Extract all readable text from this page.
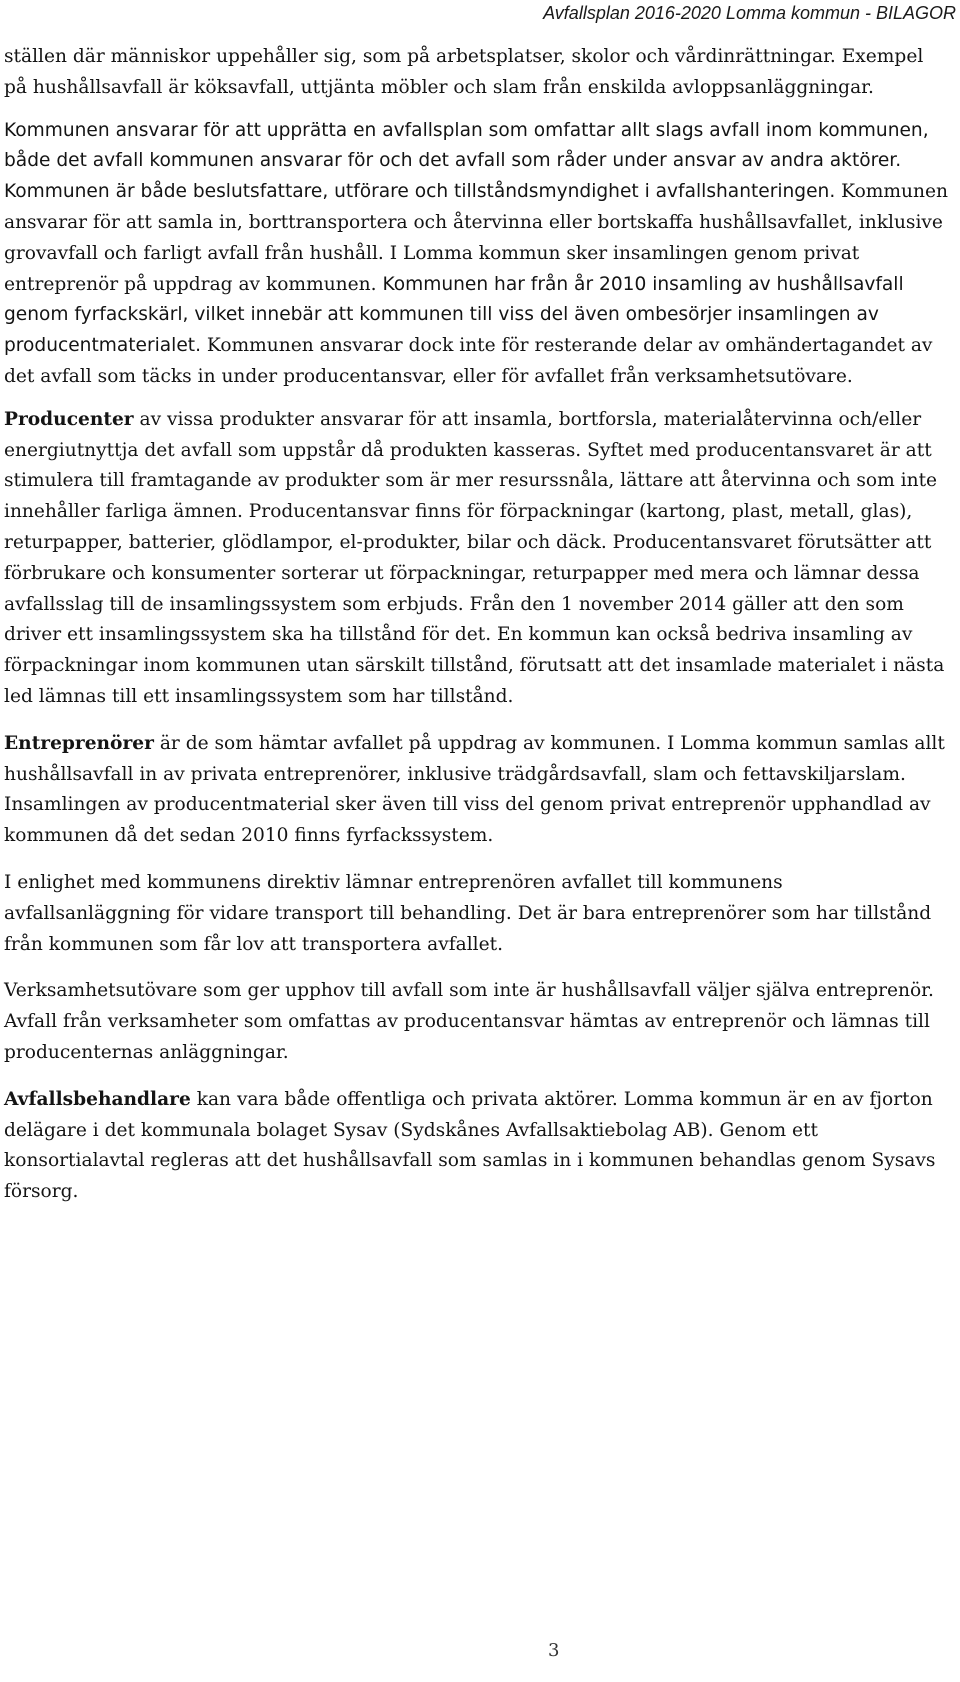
Avfallsplan 2016-2020 Lomma kommun - BILAGOR

ställen där människor uppehåller sig, som på arbetsplatser, skolor och vårdinrättningar. Exempel på hushållsavfall är köksavfall, uttjänta möbler och slam från enskilda avloppsanläggningar.

Kommunen ansvarar för att upprätta en avfallsplan som omfattar allt slags avfall inom kommunen, både det avfall kommunen ansvarar för och det avfall som råder under ansvar av andra aktörer. Kommunen är både beslutsfattare, utförare och tillståndsmyndighet i avfallshanteringen. Kommunen ansvarar för att samla in, borttransportera och återvinna eller bortskaffa hushållsavfallet, inklusive grovavfall och farligt avfall från hushåll. I Lomma kommun sker insamlingen genom privat entreprenör på uppdrag av kommunen. Kommunen har från år 2010 insamling av hushållsavfall genom fyrfackskärl, vilket innebär att kommunen till viss del även ombesörjer insamlingen av producentmaterialet. Kommunen ansvarar dock inte för resterande delar av omhändertagandet av det avfall som täcks in under producentansvar, eller för avfallet från verksamhetsutövare.

Producenter av vissa produkter ansvarar för att insamla, bortforsla, materialåtervinna och/eller energiutnyttja det avfall som uppstår då produkten kasseras. Syftet med producentansvaret är att stimulera till framtagande av produkter som är mer resurssnåla, lättare att återvinna och som inte innehåller farliga ämnen. Producentansvar finns för förpackningar (kartong, plast, metall, glas), returpapper, batterier, glödlampor, el-produkter, bilar och däck. Producentansvaret förutsätter att förbrukare och konsumenter sorterar ut förpackningar, returpapper med mera och lämnar dessa avfallsslag till de insamlingssystem som erbjuds. Från den 1 november 2014 gäller att den som driver ett insamlingssystem ska ha tillstånd för det. En kommun kan också bedriva insamling av förpackningar inom kommunen utan särskilt tillstånd, förutsatt att det insamlade materialet i nästa led lämnas till ett insamlingssystem som har tillstånd.

Entreprenörer är de som hämtar avfallet på uppdrag av kommunen. I Lomma kommun samlas allt hushållsavfall in av privata entreprenörer, inklusive trädgårdsavfall, slam och fettavskiljarslam. Insamlingen av producentmaterial sker även till viss del genom privat entreprenör upphandlad av kommunen då det sedan 2010 finns fyrfackssystem.

I enlighet med kommunens direktiv lämnar entreprenören avfallet till kommunens avfallsanläggning för vidare transport till behandling. Det är bara entreprenörer som har tillstånd från kommunen som får lov att transportera avfallet.

Verksamhetsutövare som ger upphov till avfall som inte är hushållsavfall väljer själva entreprenör. Avfall från verksamheter som omfattas av producentansvar hämtas av entreprenör och lämnas till producenternas anläggningar.

Avfallsbehandlare kan vara både offentliga och privata aktörer. Lomma kommun är en av fjorton delägare i det kommunala bolaget Sysav (Sydskånes Avfallsaktiebolag AB). Genom ett konsortialavtal regleras att det hushållsavfall som samlas in i kommunen behandlas genom Sysavs försorg.

3
